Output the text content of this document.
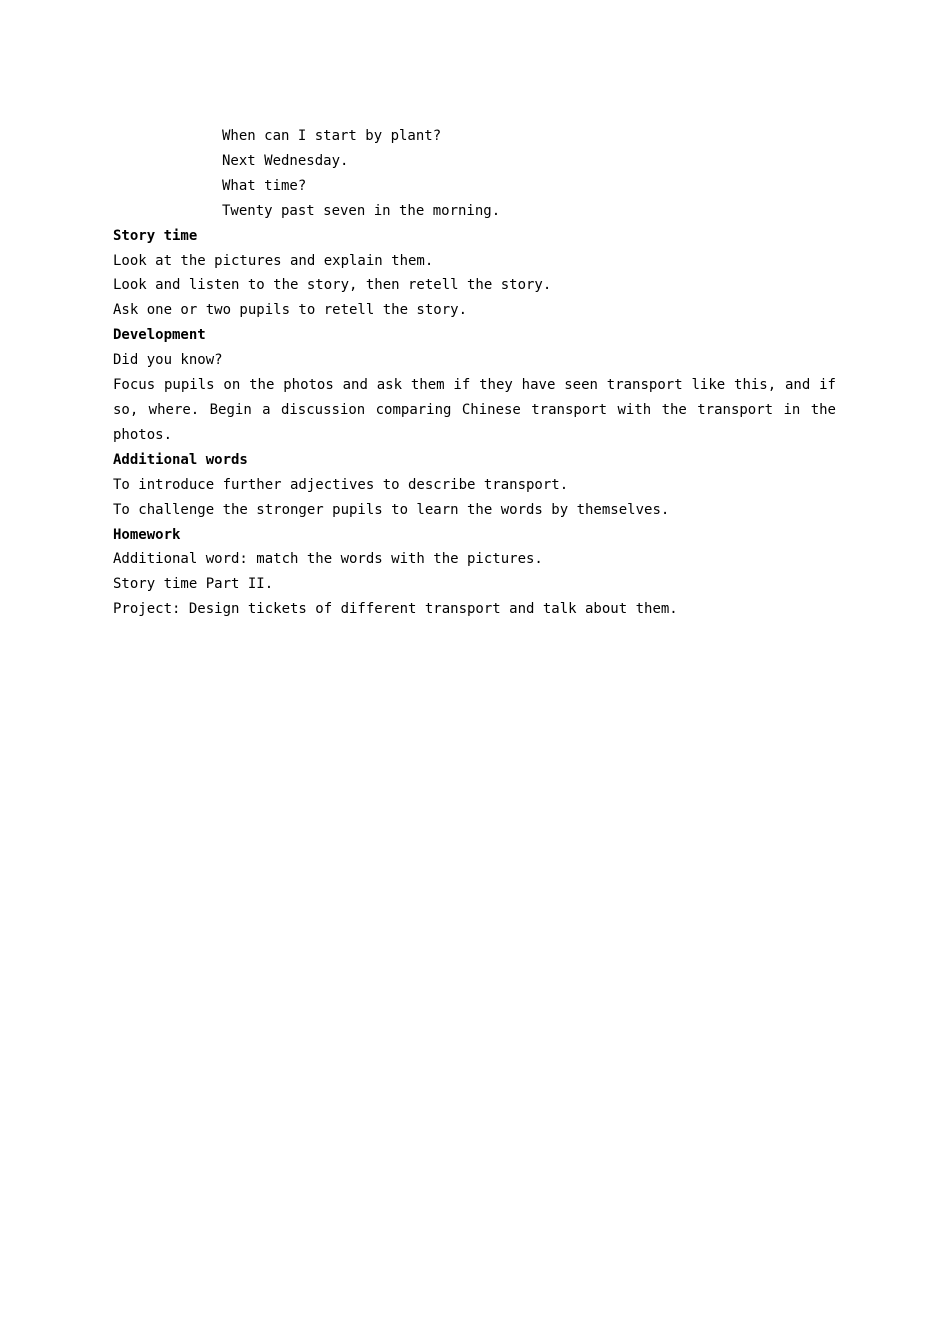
When can I start by plant?

Next Wednesday.

What time?

Twenty past seven in the morning.

Story time

Look at the pictures and explain them.

Look and listen to the story, then retell the story.

Ask one or two pupils to retell the story.

Development

Did you know?

Focus pupils on the photos and ask them if they have seen transport like this, and if so, where. Begin a discussion comparing Chinese transport with the transport in the photos.

Additional words

To introduce further adjectives to describe transport.

To challenge the stronger pupils to learn the words by themselves.

Homework

Additional word: match the words with the pictures.

Story time Part II.

Project: Design tickets of different transport and talk about them.
